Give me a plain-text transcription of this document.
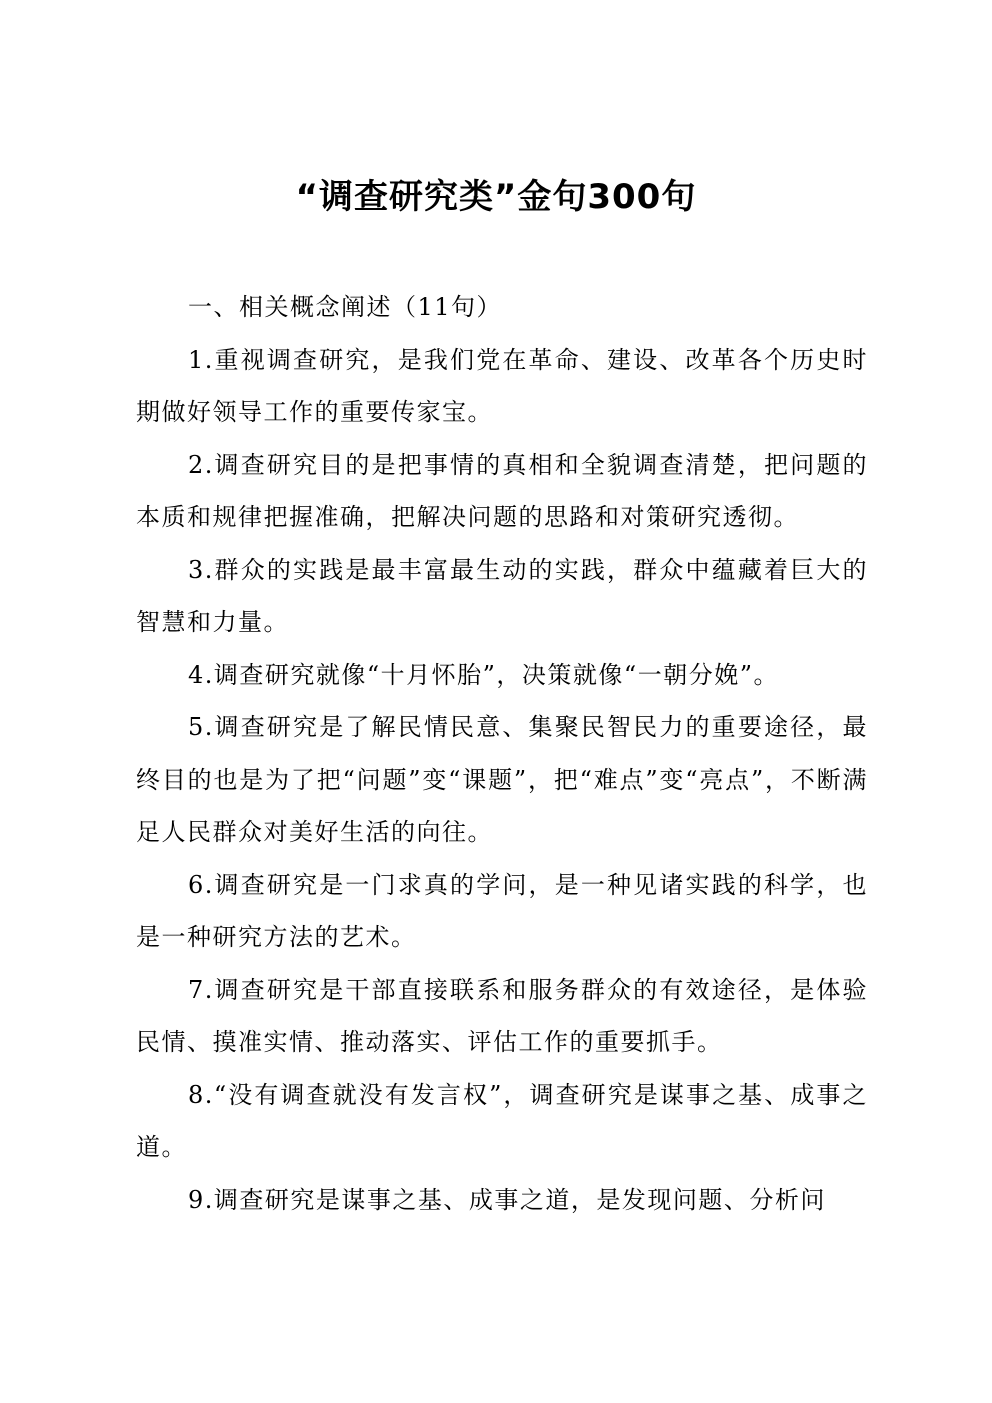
“调查研究类”金句300句

一、相关概念阐述（11句）

1.重视调查研究，是我们党在革命、建设、改革各个历史时期做好领导工作的重要传家宝。

2.调查研究目的是把事情的真相和全貌调查清楚，把问题的本质和规律把握准确，把解决问题的思路和对策研究透彻。

3.群众的实践是最丰富最生动的实践，群众中蕴藏着巨大的智慧和力量。

4.调查研究就像“十月怀胎”，决策就像“一朝分娩”。

5.调查研究是了解民情民意、集聚民智民力的重要途径，最终目的也是为了把“问题”变“课题”，把“难点”变“亮点”，不断满足人民群众对美好生活的向往。

6.调查研究是一门求真的学问，是一种见诸实践的科学，也是一种研究方法的艺术。

7.调查研究是干部直接联系和服务群众的有效途径，是体验民情、摸准实情、推动落实、评估工作的重要抓手。

8.“没有调查就没有发言权”，调查研究是谋事之基、成事之道。

9.调查研究是谋事之基、成事之道，是发现问题、分析问
